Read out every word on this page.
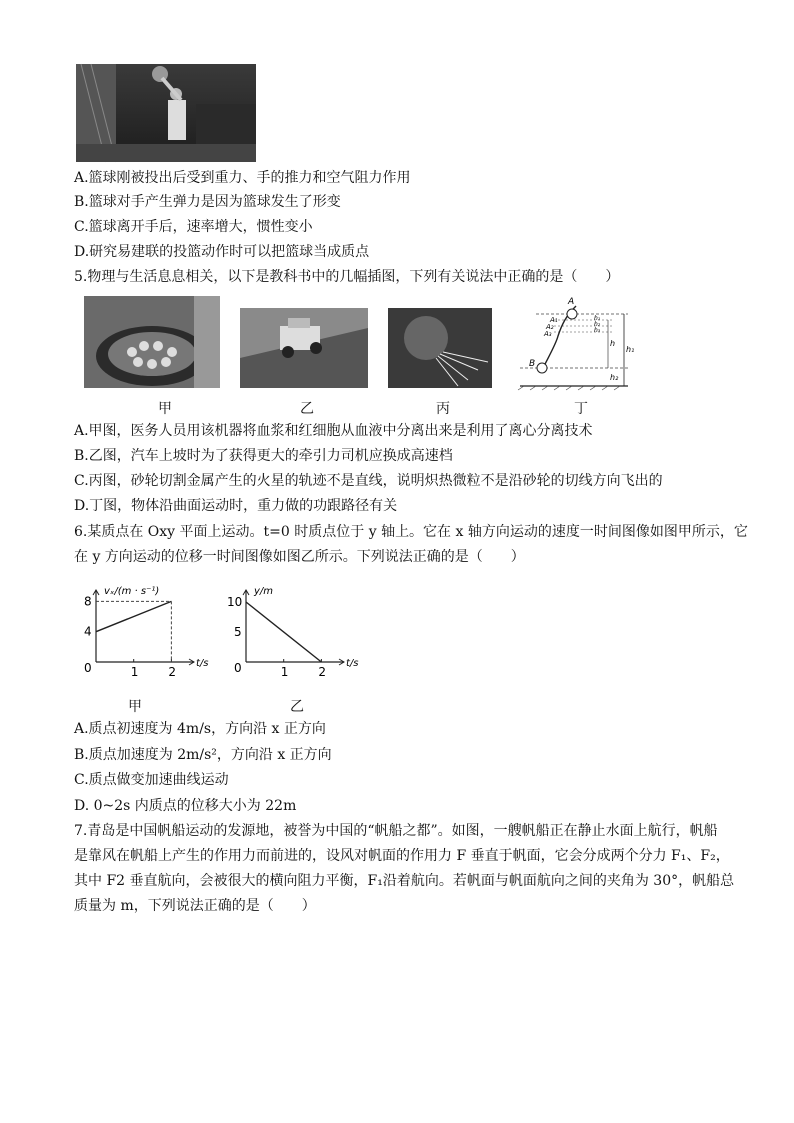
A.篮球刚被投出后受到重力、手的推力和空气阻力作用
B.篮球对手产生弹力是因为篮球发生了形变
C.篮球离开手后，速率增大，惯性变小
D.研究易建联的投篮动作时可以把篮球当成质点
5.物理与生活息息相关，以下是教科书中的几幅插图，下列有关说法中正确的是（　　）
A
A₁
A₂
A₃
B
h₁
h₂
h₃
h
h₁
h₂
甲	乙	丙	丁
A.甲图，医务人员用该机器将血浆和红细胞从血液中分离出来是利用了离心分离技术
B.乙图，汽车上坡时为了获得更大的牵引力司机应换成高速档
C.丙图，砂轮切割金属产生的火星的轨迹不是直线，说明炽热微粒不是沿砂轮的切线方向飞出的
D.丁图，物体沿曲面运动时，重力做的功跟路径有关
6.某质点在 Oxy 平面上运动。t=0 时质点位于 y 轴上。它在 x 轴方向运动的速度一时间图像如图甲所示，它
在 y 方向运动的位移一时间图像如图乙所示。下列说法正确的是（　　）
0	t/s
vₓ/(m · s⁻¹)
1	2
4
8
0	t/s
y/m
1	2
5
10
甲	乙
A.质点初速度为 4m/s，方向沿 x 正方向
B.质点加速度为 2m/s²，方向沿 x 正方向
C.质点做变加速曲线运动
D. 0~2s 内质点的位移大小为 22m
7.青岛是中国帆船运动的发源地，被誉为中国的“帆船之都”。如图，一艘帆船正在静止水面上航行，帆船
是靠风在帆船上产生的作用力而前进的，设风对帆面的作用力 F 垂直于帆面，它会分成两个分力 F₁、F₂，
其中 F2 垂直航向，会被很大的横向阻力平衡，F₁沿着航向。若帆面与帆面航向之间的夹角为 30°，帆船总
质量为 m，下列说法正确的是（　　）
